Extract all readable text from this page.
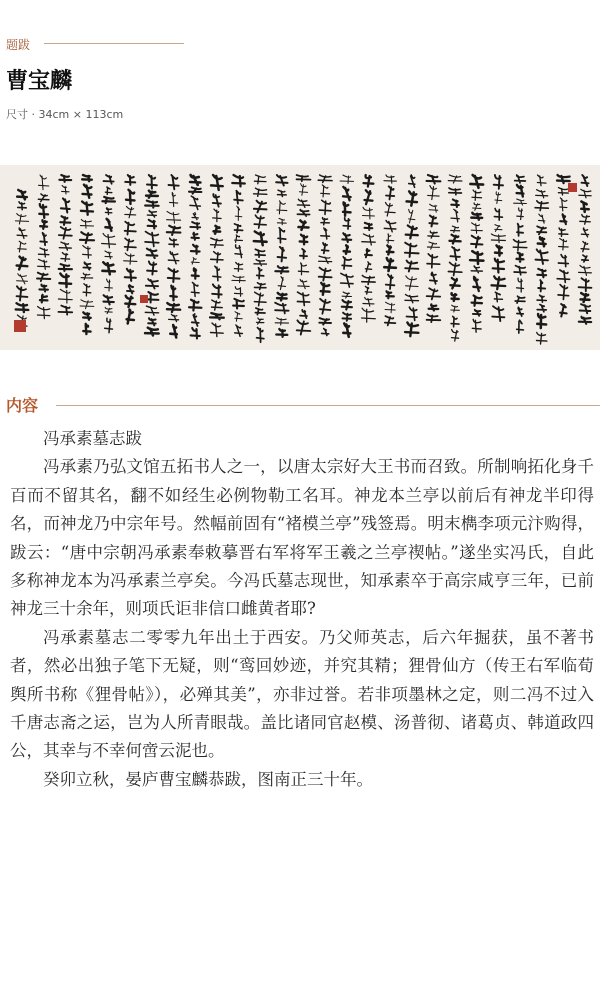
题跋
曹宝麟
尺寸 · 34cm × 113cm
内容

冯承素墓志跋

冯承素乃弘文馆五拓书人之一，以唐太宗好大王书而召致。所制响拓化身千百而不留其名，翻不如经生必例物勒工名耳。神龙本兰亭以前后有神龙半印得名，而神龙乃中宗年号。然幅前固有“褚模兰亭”残签焉。明末檇李项元汴购得，跋云：“唐中宗朝冯承素奉敕摹晋右军将军王羲之兰亭禊帖。”遂坐实冯氏，自此多称神龙本为冯承素兰亭矣。今冯氏墓志现世，知承素卒于高宗咸亨三年，已前神龙三十余年，则项氏讵非信口雌黄者耶?

冯承素墓志二零零九年出土于西安。乃父师英志，后六年掘获，虽不著书者，然必出独子笔下无疑，则“鸾回妙迹，并究其精；狸骨仙方（传王右军临荀舆所书称《狸骨帖》），必殚其美”，亦非过誉。若非项墨林之定，则二冯不过入千唐志斋之运，岂为人所青眼哉。盖比诸同官赵模、汤普彻、诸葛贞、韩道政四公，其幸与不幸何啻云泥也。

癸卯立秋，晏庐曹宝麟恭跋，图南正三十年。
